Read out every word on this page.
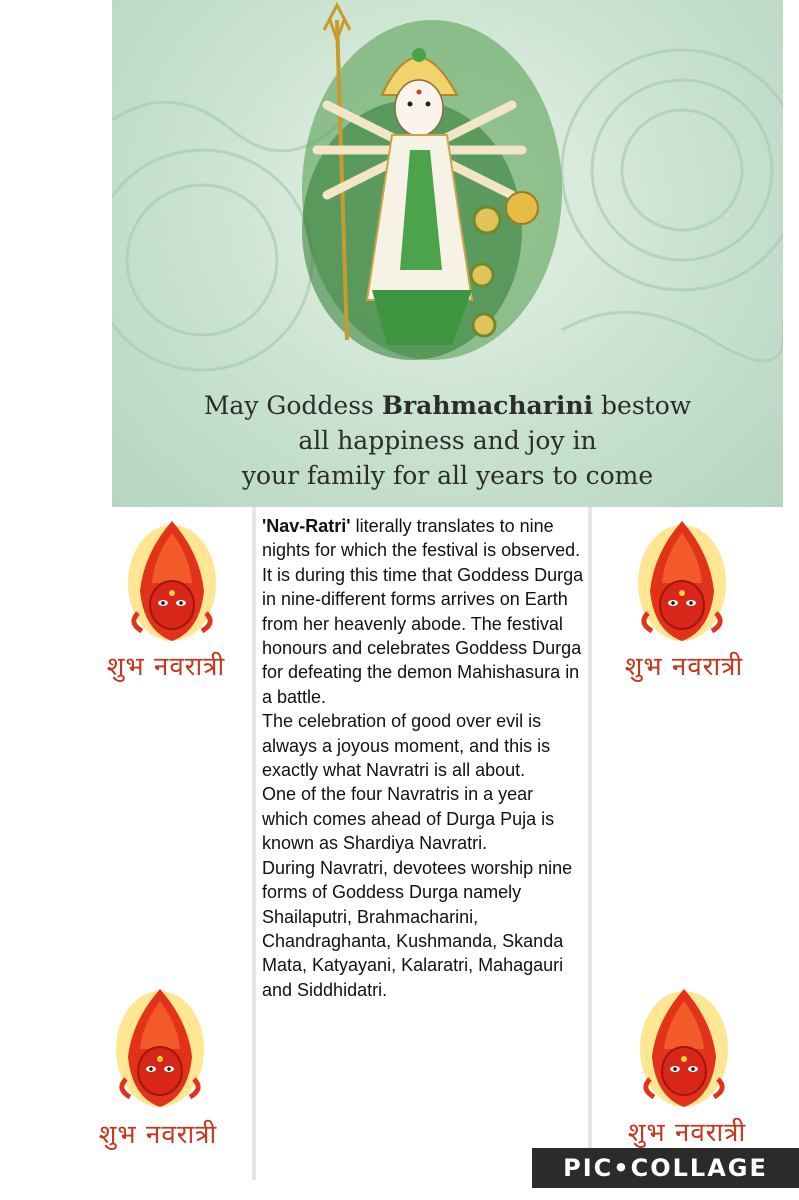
May Goddess Brahmacharini bestow
all happiness and joy in
your family for all years to come
शुभ नवरात्री	शुभ नवरात्री
शुभ नवरात्री	शुभ नवरात्री

'Nav-Ratri' literally translates to nine nights for which the festival is observed. It is during this time that Goddess Durga in nine-different forms arrives on Earth from her heavenly abode. The festival honours and celebrates Goddess Durga for defeating the demon Mahishasura in a battle.

The celebration of good over evil is always a joyous moment, and this is exactly what Navratri is all about.

One of the four Navratris in a year which comes ahead of Durga Puja is known as Shardiya Navratri.

During Navratri, devotees worship nine forms of Goddess Durga namely Shailaputri, Brahmacharini, Chandraghanta, Kushmanda, Skanda Mata, Katyayani, Kalaratri, Mahagauri and Siddhidatri.

PIC•COLLAGE
